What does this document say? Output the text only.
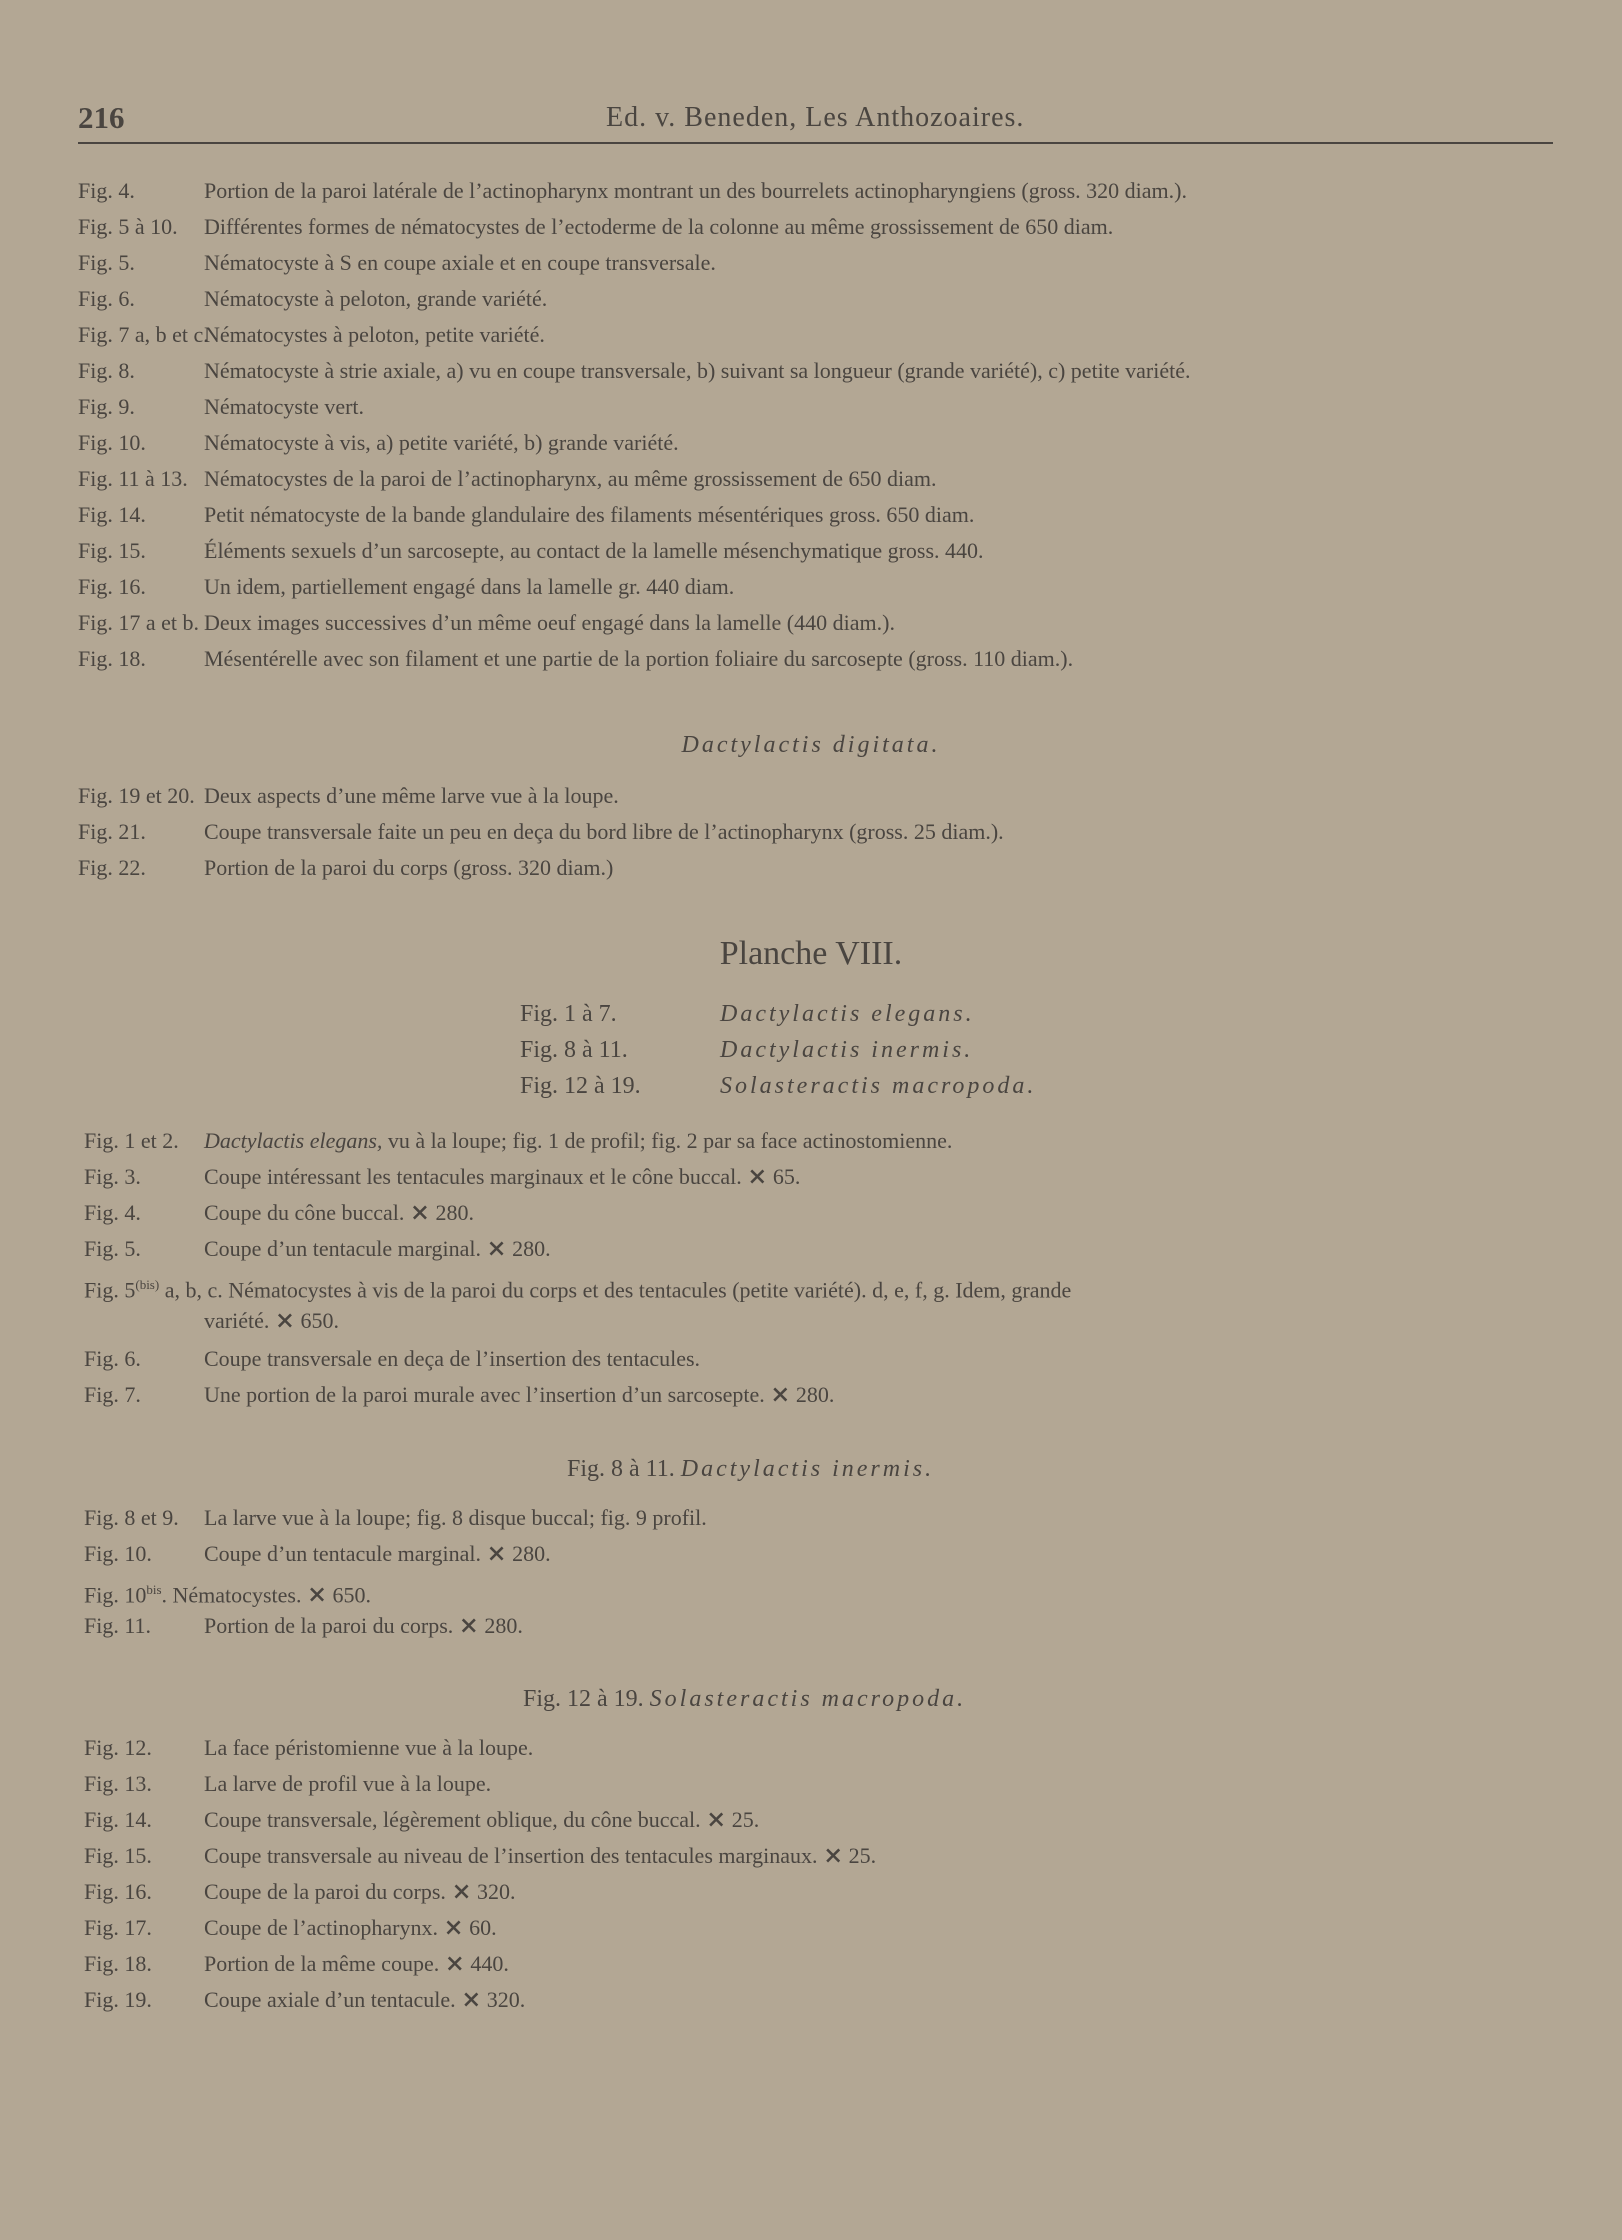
216	Ed. v. Beneden, Les Anthozoaires.
Fig. 4.	Portion de la paroi latérale de l’actinopharynx montrant un des bourrelets actinopharyngiens (gross. 320 diam.).
Fig. 5 à 10. Différentes formes de nématocystes de l’ectoderme de la colonne au même grossissement de 650 diam.
Fig. 5.	Nématocyste à S en coupe axiale et en coupe transversale.
Fig. 6.	Nématocyste à peloton, grande variété.
Fig. 7 a, b et c.Nématocystes à peloton, petite variété.
Fig. 8.	Nématocyste à strie axiale, a) vu en coupe transversale, b) suivant sa longueur (grande variété), c) petite variété.
Fig. 9.	Nématocyste vert.
Fig. 10.	Nématocyste à vis, a) petite variété, b) grande variété.
Fig. 11 à 13. Nématocystes de la paroi de l’actinopharynx, au même grossissement de 650 diam.
Fig. 14.	Petit nématocyste de la bande glandulaire des filaments mésentériques gross. 650 diam.
Fig. 15.	Éléments sexuels d’un sarcosepte, au contact de la lamelle mésenchymatique gross. 440.
Fig. 16.	Un idem, partiellement engagé dans la lamelle gr. 440 diam.
Fig. 17 a et b. Deux images successives d’un même oeuf engagé dans la lamelle (440 diam.).
Fig. 18.	Mésentérelle avec son filament et une partie de la portion foliaire du sarcosepte (gross. 110 diam.).
Dactylactis digitata.
Fig. 19 et 20. Deux aspects d’une même larve vue à la loupe.
Fig. 21.	Coupe transversale faite un peu en deça du bord libre de l’actinopharynx (gross. 25 diam.).
Fig. 22.	Portion de la paroi du corps (gross. 320 diam.)
Planche VIII.
Fig. 1 à 7.	Dactylactis elegans.
Fig. 8 à 11.	Dactylactis inermis.
Fig. 12 à 19.	Solasteractis macropoda.
Fig. 1 et 2. Dactylactis elegans, vu à la loupe; fig. 1 de profil; fig. 2 par sa face actinostomienne.
Fig. 3.	Coupe intéressant les tentacules marginaux et le cône buccal. ⨯ 65.
Fig. 4.	Coupe du cône buccal. ⨯ 280.
Fig. 5.	Coupe d’un tentacule marginal. ⨯ 280.
Fig. $5^{(bis)}$ a, b, c. Nématocystes à vis de la paroi du corps et des tentacules (petite variété). d, e, f, g. Idem, grande
variété. ⨯ 650.
Fig. 6.	Coupe transversale en deça de l’insertion des tentacules.
Fig. 7.	Une portion de la paroi murale avec l’insertion d’un sarcosepte. ⨯ 280.
Fig. 8 à 11. Dactylactis inermis.
Fig. 8 et 9. La larve vue à la loupe; fig. 8 disque buccal; fig. 9 profil.
Fig. 10. Coupe d’un tentacule marginal. ⨯ 280.
Fig. $10^{bis}$. Nématocystes. ⨯ 650.
Fig. 11. Portion de la paroi du corps. ⨯ 280.
Fig. 12 à 19. Solasteractis macropoda.
Fig. 12. La face péristomienne vue à la loupe.
Fig. 13. La larve de profil vue à la loupe.
Fig. 14. Coupe transversale, légèrement oblique, du cône buccal. ⨯ 25.
Fig. 15. Coupe transversale au niveau de l’insertion des tentacules marginaux. ⨯ 25.
Fig. 16. Coupe de la paroi du corps. ⨯ 320.
Fig. 17. Coupe de l’actinopharynx. ⨯ 60.
Fig. 18. Portion de la même coupe. ⨯ 440.
Fig. 19. Coupe axiale d’un tentacule. ⨯ 320.
